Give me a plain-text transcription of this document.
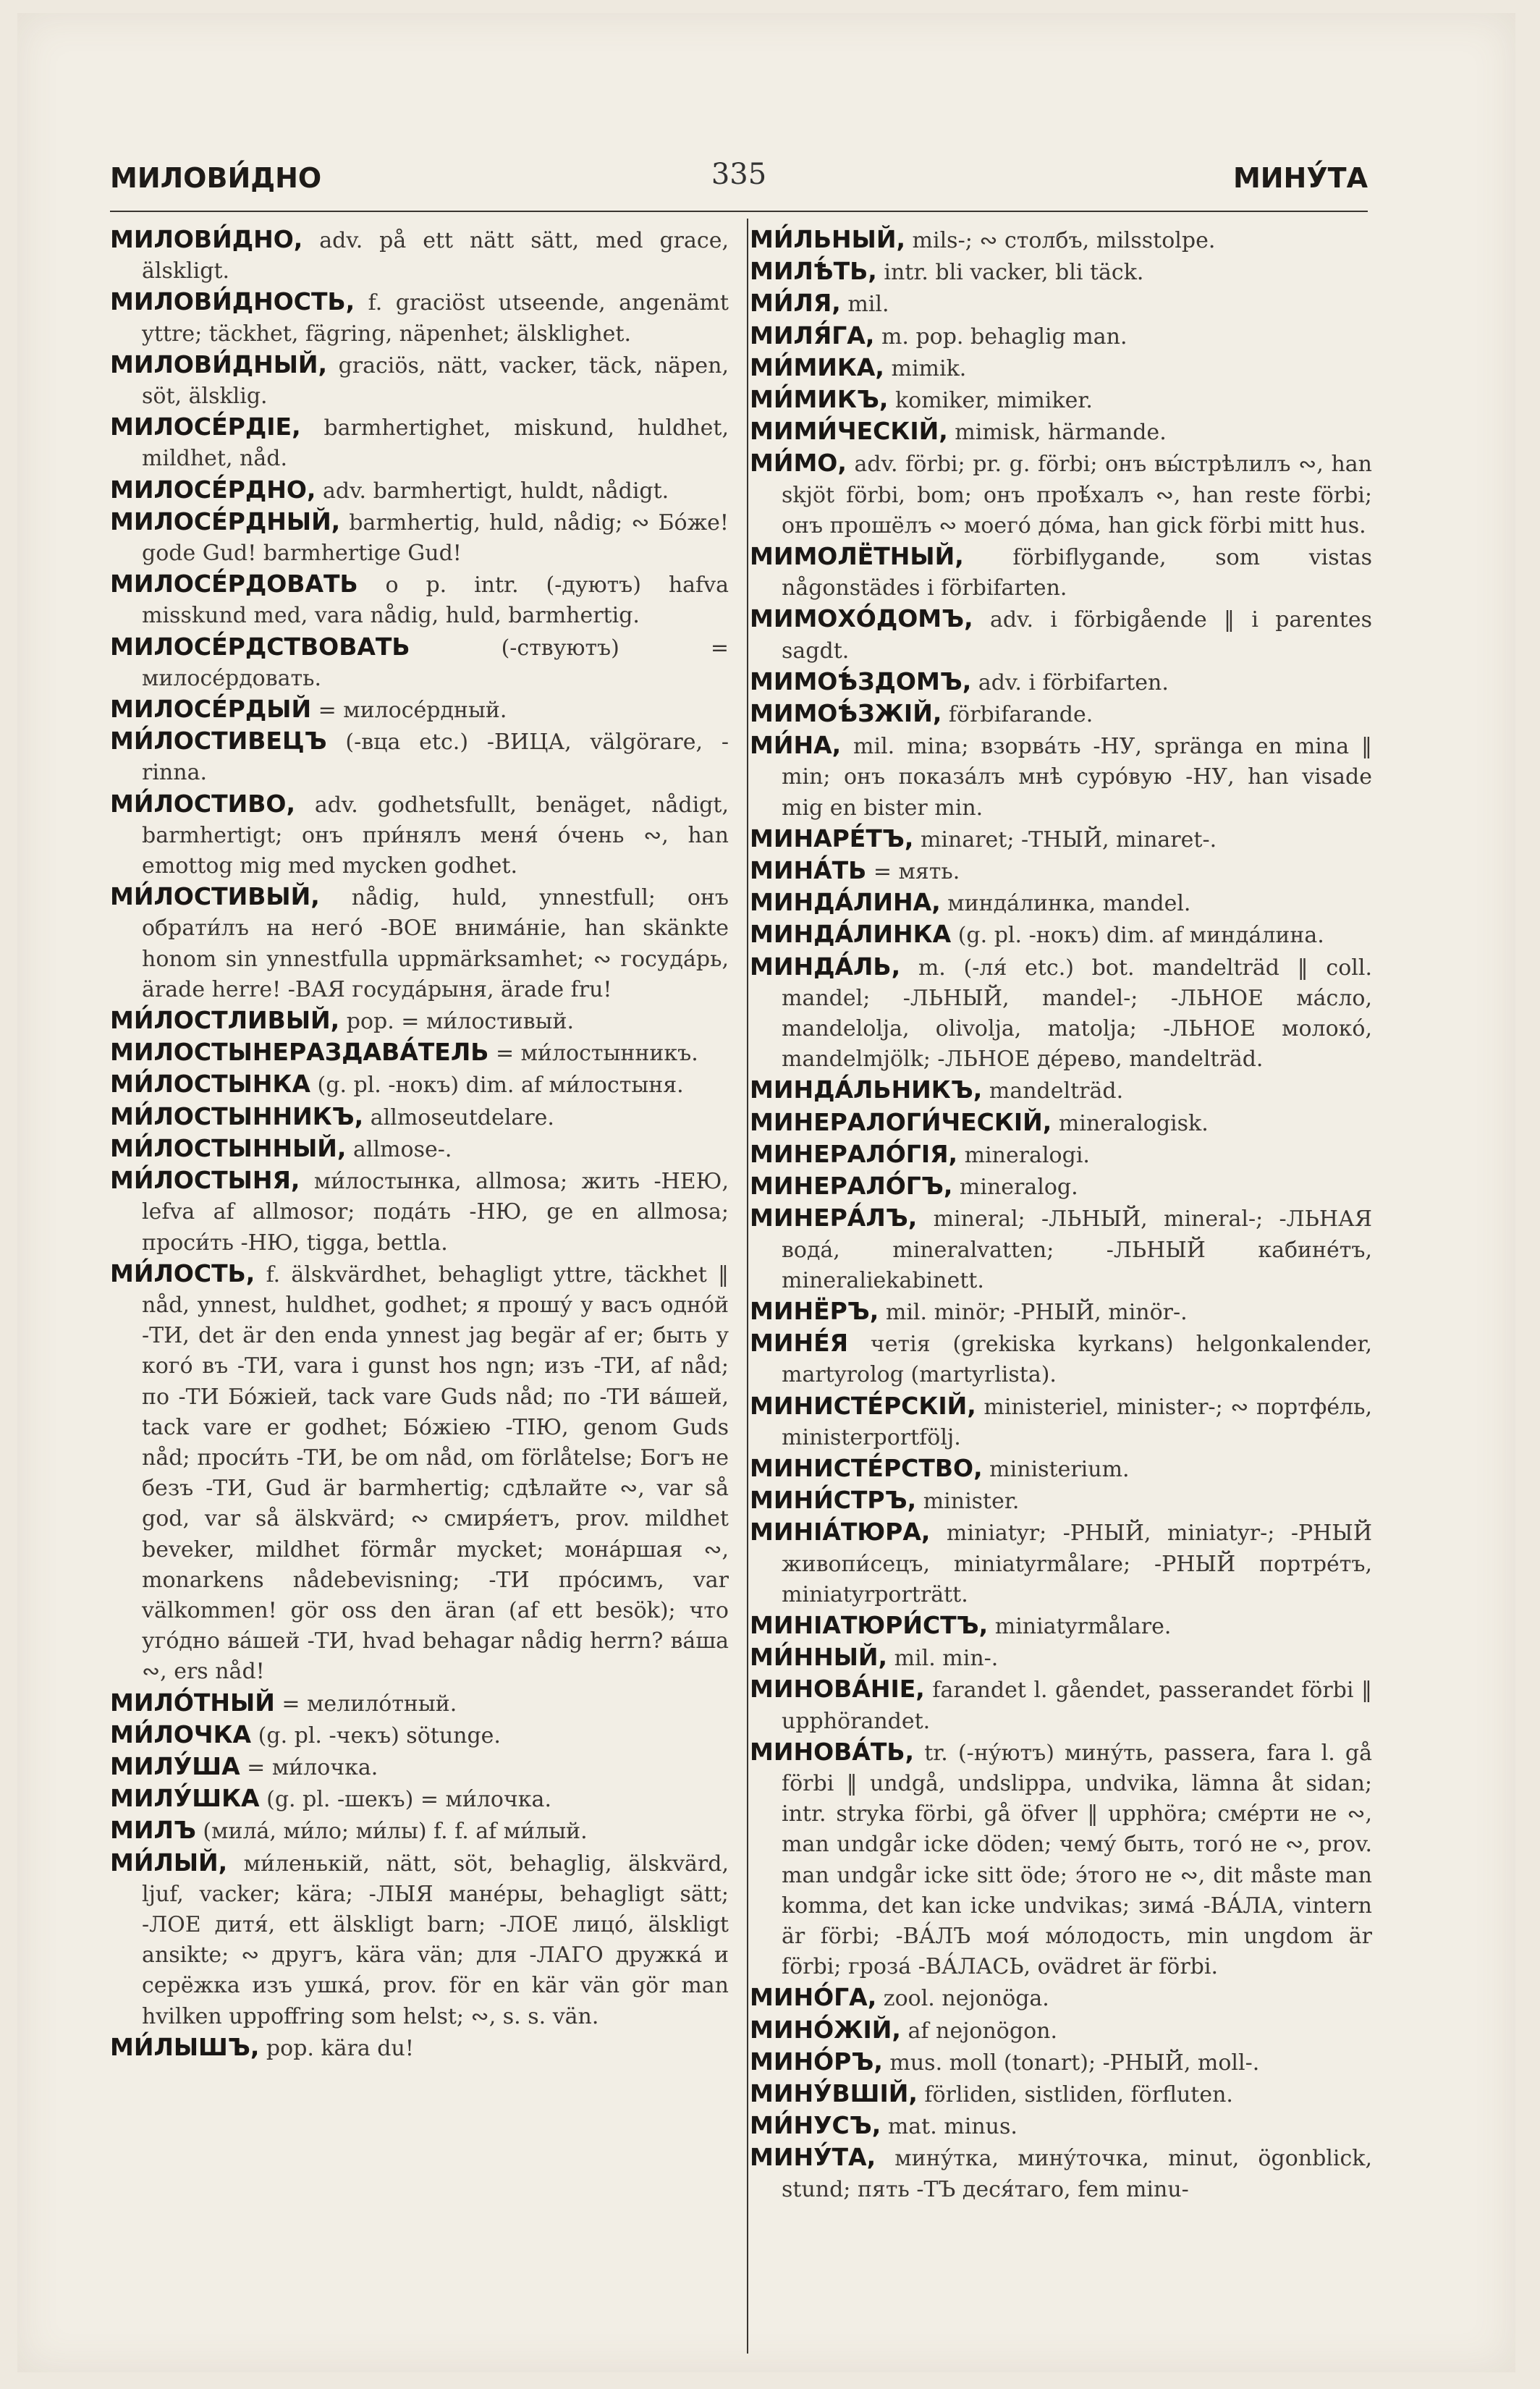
МИЛОВИ́ДНО	335	МИНУ́ТА

МИЛОВИ́ДНО, adv. på ett nätt sätt, med grace, älskligt.

МИЛОВИ́ДНОСТЬ, f. graciöst utseende, angenämt yttre; täckhet, fägring, näpenhet; älsklighet.

МИЛОВИ́ДНЫЙ, graciös, nätt, vacker, täck, näpen, söt, älsklig.

МИЛОСЕ́РДІЕ, barmhertighet, miskund, huldhet, mildhet, nåd.

МИЛОСЕ́РДНО, adv. barmhertigt, huldt, nådigt.

МИЛОСЕ́РДНЫЙ, barmhertig, huld, nådig; ∾ Бо́же! gode Gud! barmhertige Gud!

МИЛОСЕ́РДОВАТЬ o p. intr. (-дуютъ) hafva misskund med, vara nådig, huld, barmhertig.

МИЛОСЕ́РДСТВОВАТЬ	(-ствуютъ) = милосе́рдовать.

МИЛОСЕ́РДЫЙ = милосе́рдный.

МИ́ЛОСТИВЕЦЪ (-вца etc.) -ВИЦА, välgörare, -rinna.

МИ́ЛОСТИВО, adv. godhetsfullt, benäget, nådigt, barmhertigt; онъ при́нялъ меня́ о́чень ∾, han emottog mig med mycken godhet.

МИ́ЛОСТИВЫЙ, nådig, huld, ynnestfull; онъ обрати́лъ на него́ -ВОЕ внима́ніе, han skänkte honom sin ynnestfulla uppmärksamhet; ∾ госуда́рь, ärade herre! -ВАЯ госуда́рыня, ärade fru!

МИ́ЛОСТЛИВЫЙ, pop. = ми́лостивый.

МИЛОСТЫНЕРАЗДАВА́ТЕЛЬ = ми́лостынникъ.

МИ́ЛОСТЫНКА (g. pl. -нокъ) dim. af ми́лостыня.

МИ́ЛОСТЫННИКЪ, allmoseutdelare.

МИ́ЛОСТЫННЫЙ, allmose-.

МИ́ЛОСТЫНЯ, ми́лостынка, allmosa; жить -НЕЮ, lefva af allmosor; пода́ть -НЮ, ge en allmosa; проси́ть -НЮ, tigga, bettla.

МИ́ЛОСТЬ, f. älskvärdhet, behagligt yttre, täckhet ‖ nåd, ynnest, huldhet, godhet; я прошу́ у васъ одно́й -ТИ, det är den enda ynnest jag begär af er; быть у кого́ въ -ТИ, vara i gunst hos ngn; изъ -ТИ, af nåd; по -ТИ Бо́жіей, tack vare Guds nåd; по -ТИ ва́шей, tack vare er godhet; Бо́жіею -ТІЮ, genom Guds nåd; проси́ть -ТИ, be om nåd, om förlåtelse; Богъ не безъ -ТИ, Gud är barmhertig; сдѣлайте ∾, var så god, var så älskvärd; ∾ смиря́етъ, prov. mildhet beveker, mildhet förmår mycket; мона́ршая ∾, monarkens nådebevisning; -ТИ про́симъ, var välkommen! gör oss den äran (af ett besök); что уго́дно ва́шей -ТИ, hvad behagar nådig herrn? ва́ша ∾, ers nåd!

МИЛО́ТНЫЙ = мелило́тный.

МИ́ЛОЧКА (g. pl. -чекъ) sötunge.

МИЛУ́ША = ми́лочка.

МИЛУ́ШКА (g. pl. -шекъ) = ми́лочка.

МИЛЪ (мила́, ми́ло; ми́лы) f. f. af ми́лый.

МИ́ЛЫЙ, ми́ленькій, nätt, söt, behaglig, älskvärd, ljuf, vacker; kära; -ЛЫЯ мане́ры, behagligt sätt; -ЛОЕ дитя́, ett älskligt barn; -ЛОЕ лицо́, älskligt ansikte; ∾ другъ, kära vän; для -ЛАГО дружка́ и серёжка изъ ушка́, prov. för en kär vän gör man hvilken uppoffring som helst; ∾, s. s. vän.

МИ́ЛЫШЪ, pop. kära du!

МИ́ЛЬНЫЙ, mils-; ∾ столбъ, milsstolpe.

МИЛѢ́ТЬ, intr. bli vacker, bli täck.

МИ́ЛЯ, mil.

МИЛЯ́ГА, m. pop. behaglig man.

МИ́МИКА, mimik.

МИ́МИКЪ, komiker, mimiker.

МИМИ́ЧЕСКІЙ, mimisk, härmande.

МИ́МО, adv. förbi; pr. g. förbi; онъ вы́стрѣлилъ ∾, han skjöt förbi, bom; онъ проѣ́халъ ∾, han reste förbi; онъ прошёлъ ∾ моего́ до́ма, han gick förbi mitt hus.

МИМОЛЁТНЫЙ, förbiflygande, som vistas någonstädes i förbifarten.

МИМОХО́ДОМЪ, adv. i förbigående ‖ i parentes sagdt.

МИМОѢ́ЗДОМЪ, adv. i förbifarten.

МИМОѢ́ЗЖІЙ, förbifarande.

МИ́НА, mil. mina; взорва́ть -НУ, spränga en mina ‖ min; онъ показа́лъ мнѣ суро́вую -НУ, han visade mig en bister min.

МИНАРЕ́ТЪ, minaret; -ТНЫЙ, minaret-.

МИНА́ТЬ = мять.

МИНДА́ЛИНА, минда́линка, mandel.

МИНДА́ЛИНКА (g. pl. -нокъ) dim. af минда́лина.

МИНДА́ЛЬ, m. (-ля́ etc.) bot. mandelträd ‖ coll. mandel; -ЛЬНЫЙ, mandel-; -ЛЬНОЕ ма́сло, mandelolja, olivolja, matolja; -ЛЬНОЕ молоко́, mandelmjölk; -ЛЬНОЕ де́рево, mandelträd.

МИНДА́ЛЬНИКЪ, mandelträd.

МИНЕРАЛОГИ́ЧЕСКІЙ, mineralogisk.

МИНЕРАЛО́ГІЯ, mineralogi.

МИНЕРАЛО́ГЪ, mineralog.

МИНЕРА́ЛЪ, mineral; -ЛЬНЫЙ, mineral-; -ЛЬНАЯ вода́, mineralvatten; -ЛЬНЫЙ кабине́тъ, mineraliekabinett.

МИНЁРЪ, mil. minör; -РНЫЙ, minör-.

МИНЕ́Я четія (grekiska kyrkans) helgonkalender, martyrolog (martyrlista).

МИНИСТЕ́РСКІЙ, ministeriel, minister-; ∾ портфе́ль, ministerportfölj.

МИНИСТЕ́РСТВО, ministerium.

МИНИ́СТРЪ, minister.

МИНІА́ТЮРА, miniatyr; -РНЫЙ, miniatyr-; -РНЫЙ живопи́сецъ, miniatyrmålare; -РНЫЙ портре́тъ, miniatyrporträtt.

МИНІАТЮРИ́СТЪ, miniatyrmålare.

МИ́ННЫЙ, mil. min-.

МИНОВА́НІЕ, farandet l. gåendet, passerandet förbi ‖ upphörandet.

МИНОВА́ТЬ, tr. (-ну́ютъ) мину́ть, passera, fara l. gå förbi ‖ undgå, undslippa, undvika, lämna åt sidan; intr. stryka förbi, gå öfver ‖ upphöra; сме́рти не ∾, man undgår icke döden; чему́ быть, того́ не ∾, prov. man undgår icke sitt öde; э́того не ∾, dit måste man komma, det kan icke undvikas; зима́ -ВА́ЛА, vintern är förbi; -ВА́ЛЪ моя́ мо́лодость, min ungdom är förbi; гроза́ -ВА́ЛАСЬ, ovädret är förbi.

МИНО́ГА, zool. nejonöga.

МИНО́ЖІЙ, af nejonögon.

МИНО́РЪ, mus. moll (tonart); -РНЫЙ, moll-.

МИНУ́ВШІЙ, förliden, sistliden, förfluten.

МИ́НУСЪ, mat. minus.

МИНУ́ТА, мину́тка, мину́точка, minut, ögonblick, stund; пять -ТЪ деся́таго, fem minu-
